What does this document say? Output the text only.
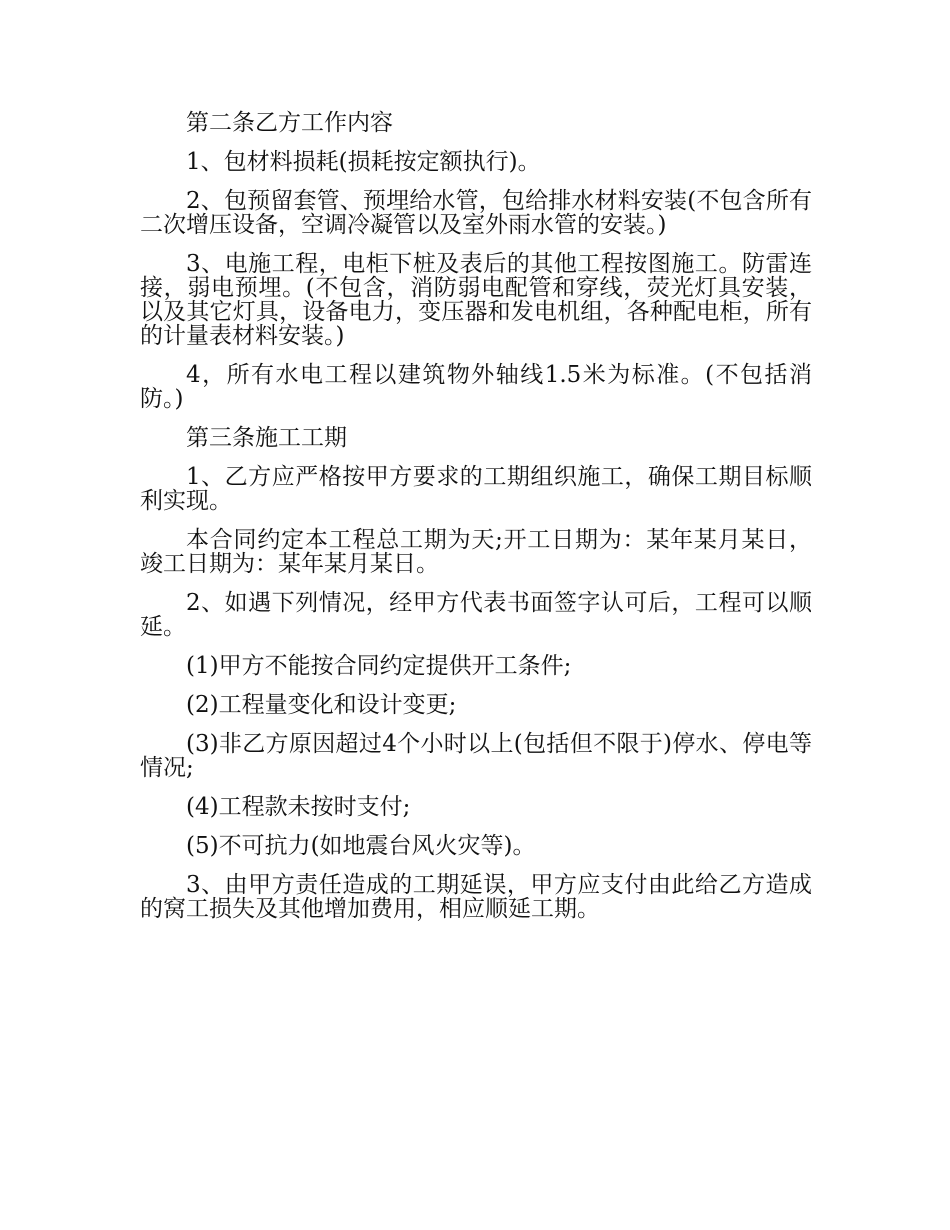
第二条乙方工作内容

1、包材料损耗(损耗按定额执行)。

2、包预留套管、预埋给水管，包给排水材料安装(不包含所有二次增压设备，空调冷凝管以及室外雨水管的安装。)

3、电施工程，电柜下桩及表后的其他工程按图施工。防雷连接，弱电预埋。(不包含，消防弱电配管和穿线，荧光灯具安装，以及其它灯具，设备电力，变压器和发电机组，各种配电柜，所有的计量表材料安装。)

4，所有水电工程以建筑物外轴线1.5米为标准。(不包括消防。)

第三条施工工期

1、乙方应严格按甲方要求的工期组织施工，确保工期目标顺利实现。

本合同约定本工程总工期为天;开工日期为：某年某月某日，竣工日期为：某年某月某日。

2、如遇下列情况，经甲方代表书面签字认可后，工程可以顺延。

(1)甲方不能按合同约定提供开工条件;

(2)工程量变化和设计变更;

(3)非乙方原因超过4个小时以上(包括但不限于)停水、停电等情况;

(4)工程款未按时支付;

(5)不可抗力(如地震台风火灾等)。

3、由甲方责任造成的工期延误，甲方应支付由此给乙方造成的窝工损失及其他增加费用，相应顺延工期。
